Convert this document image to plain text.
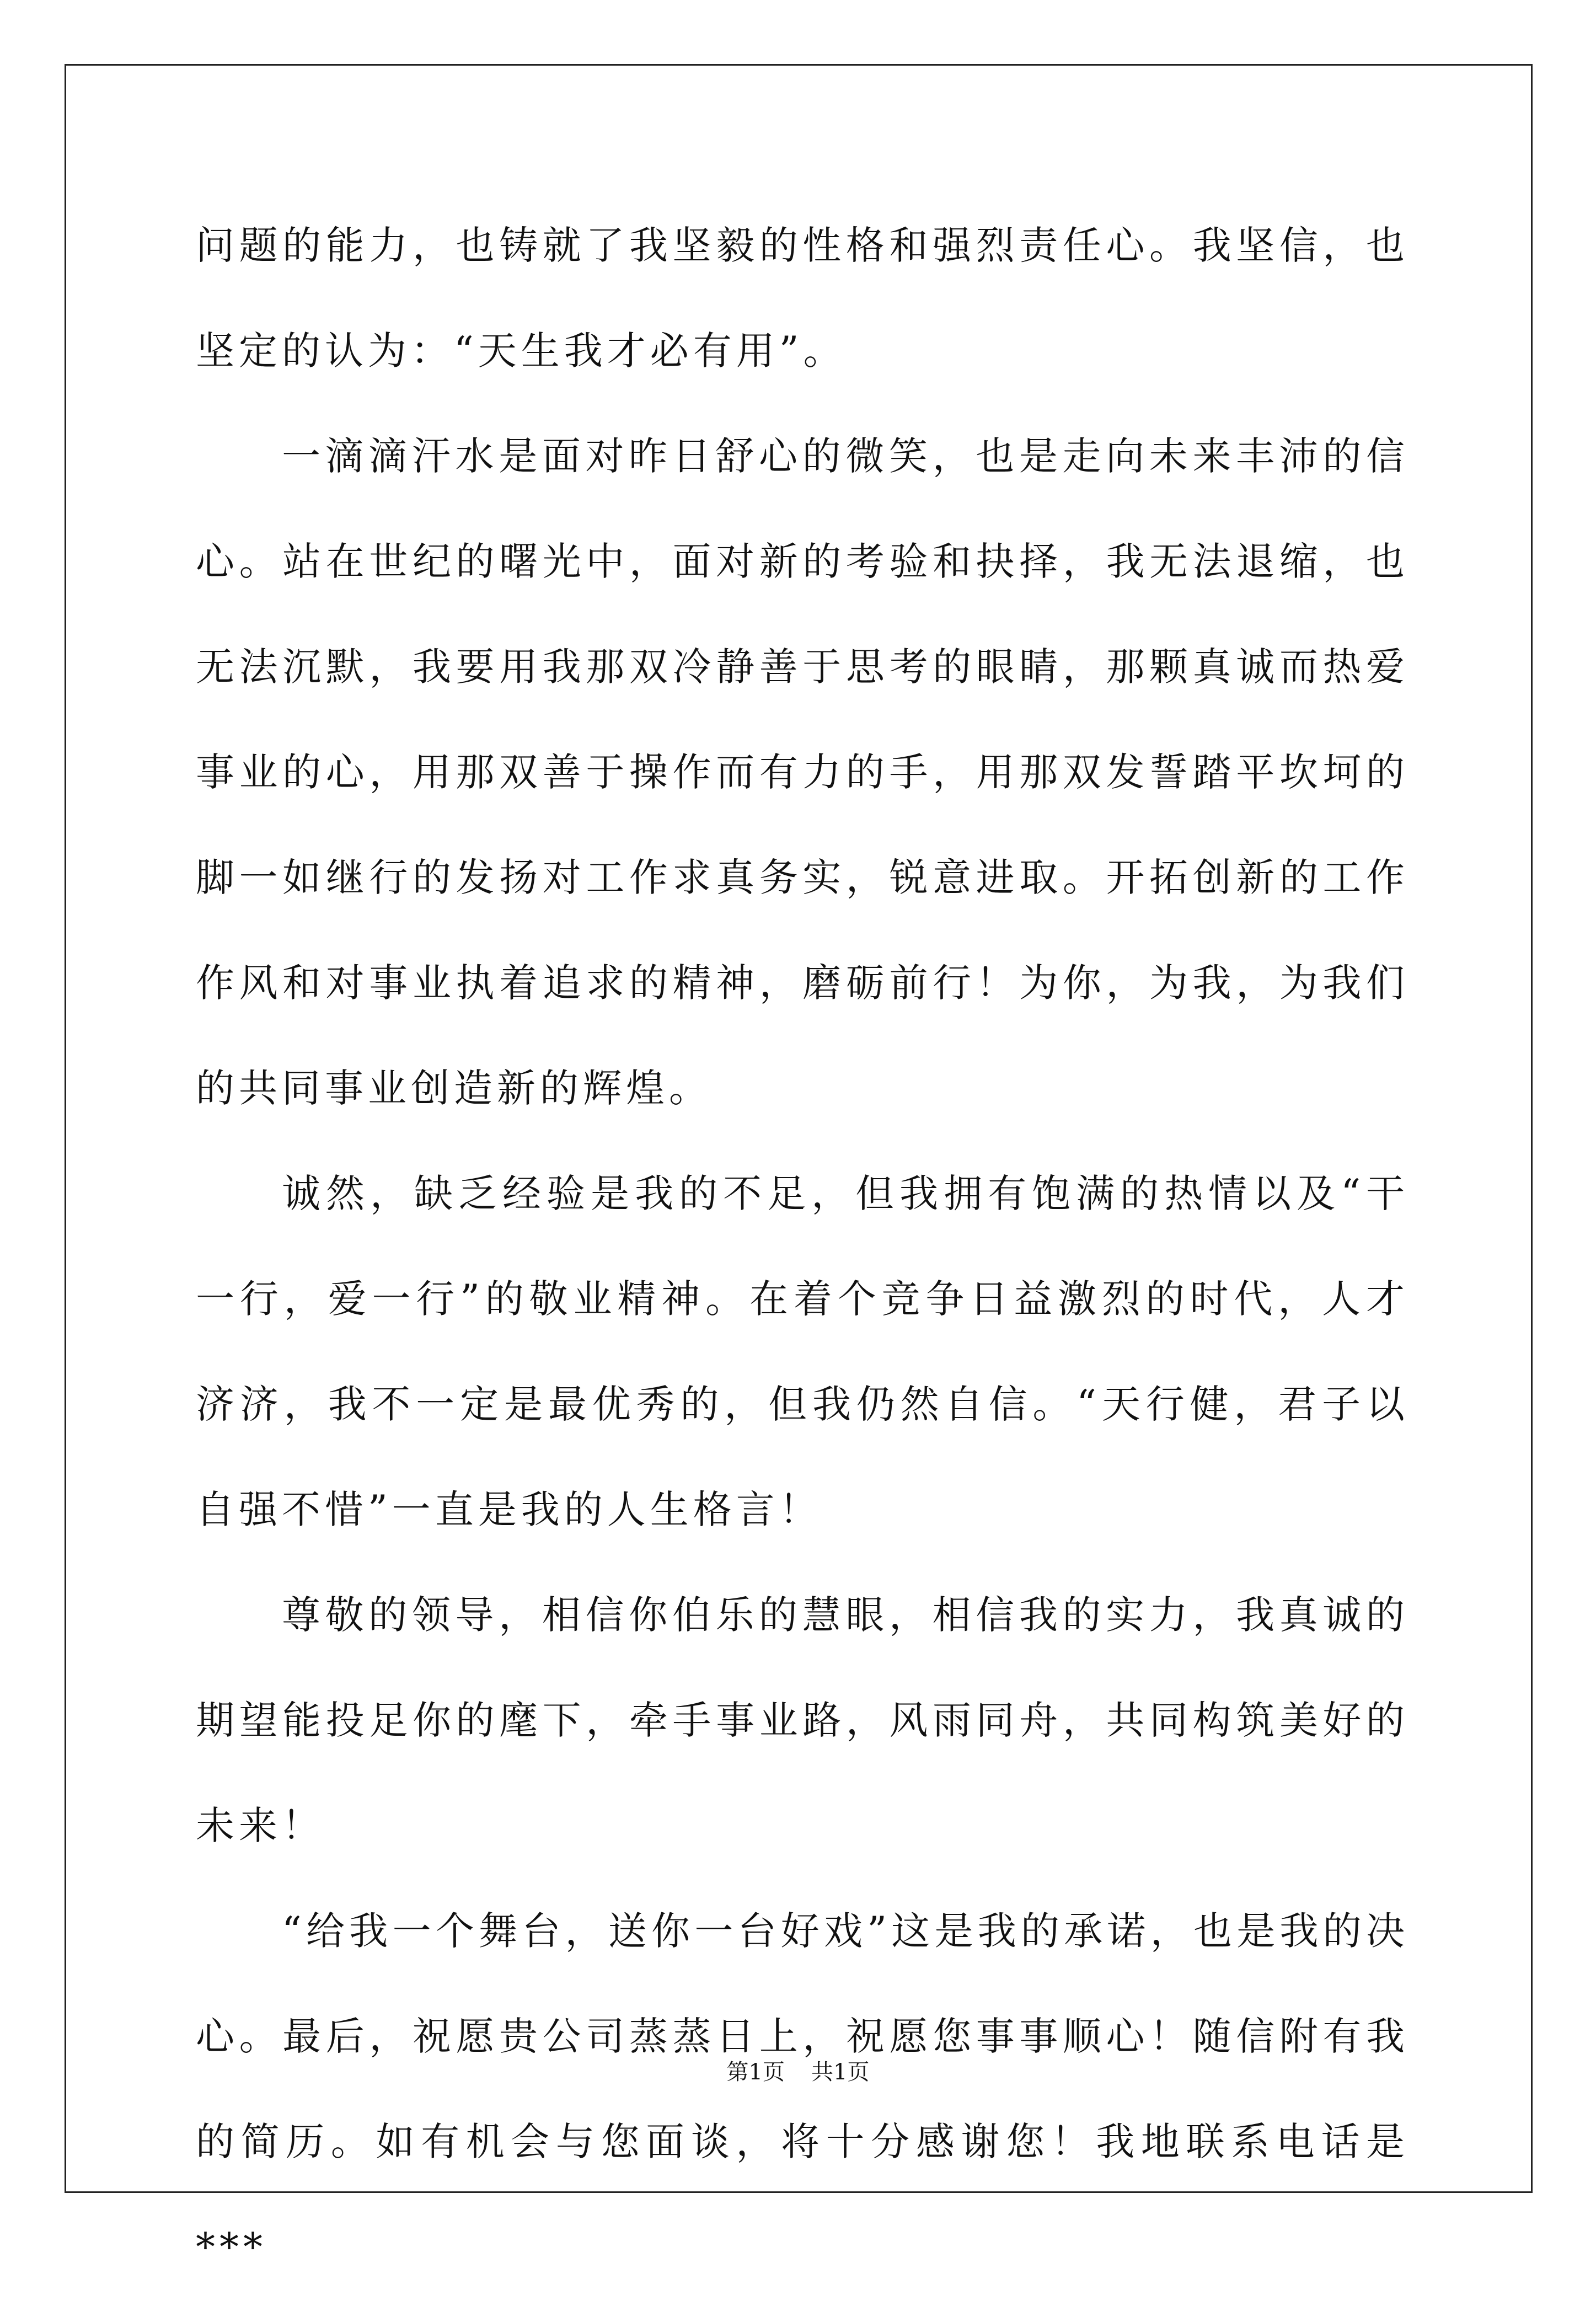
问题的能力，也铸就了我坚毅的性格和强烈责任心。我坚信，也坚定的认为：“天生我才必有用”。

一滴滴汗水是面对昨日舒心的微笑，也是走向未来丰沛的信心。站在世纪的曙光中，面对新的考验和抉择，我无法退缩，也无法沉默，我要用我那双冷静善于思考的眼睛，那颗真诚而热爱事业的心，用那双善于操作而有力的手，用那双发誓踏平坎坷的脚一如继行的发扬对工作求真务实，锐意进取。开拓创新的工作作风和对事业执着追求的精神，磨砺前行！为你，为我，为我们的共同事业创造新的辉煌。

诚然，缺乏经验是我的不足，但我拥有饱满的热情以及“干一行，爱一行”的敬业精神。在着个竞争日益激烈的时代，人才济济，我不一定是最优秀的，但我仍然自信。“天行健，君子以自强不惜”一直是我的人生格言！

尊敬的领导，相信你伯乐的慧眼，相信我的实力，我真诚的期望能投足你的麾下，牵手事业路，风雨同舟，共同构筑美好的未来！

“给我一个舞台，送你一台好戏”这是我的承诺，也是我的决心。最后，祝愿贵公司蒸蒸日上，祝愿您事事顺心！随信附有我的简历。如有机会与您面谈，将十分感谢您！我地联系电话是***

第1页 共1页
